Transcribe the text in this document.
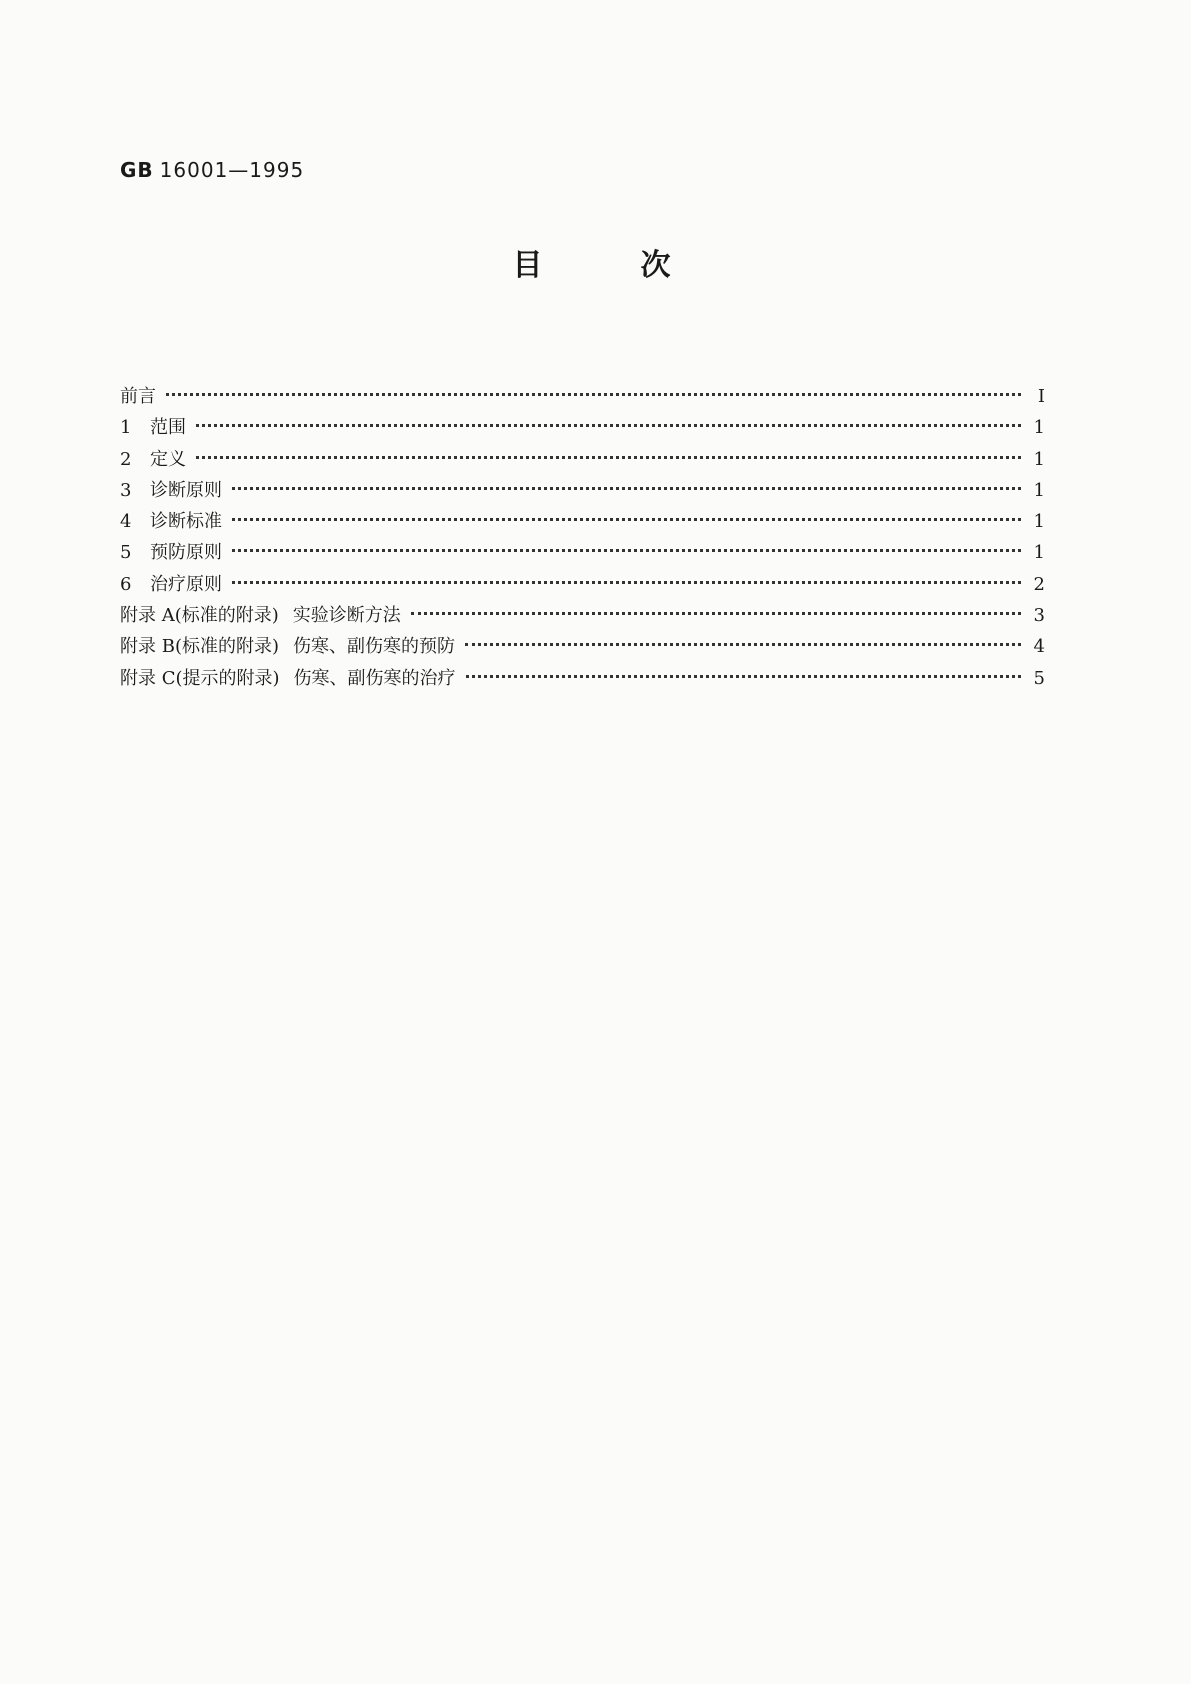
GB 16001—1995
目	次
前言	I
1	范围	1
2	定义	1
3	诊断原则	1
4	诊断标准	1
5	预防原则	1
6	治疗原则	2
附录 A(标准的附录) 实验诊断方法	3
附录 B(标准的附录) 伤寒、副伤寒的预防	4
附录 C(提示的附录) 伤寒、副伤寒的治疗	5
